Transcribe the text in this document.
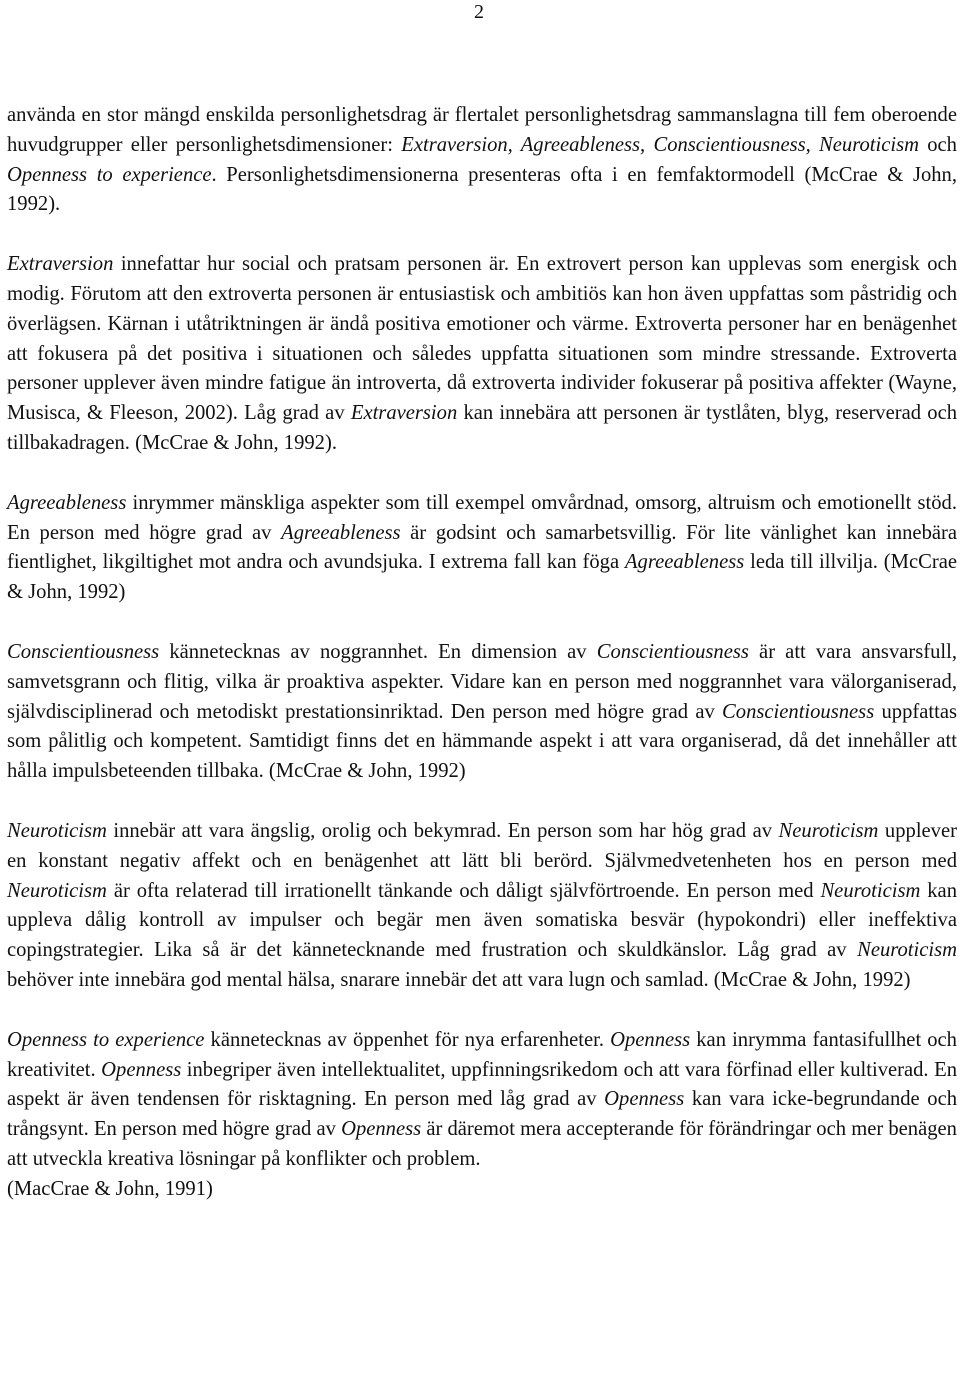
2

använda en stor mängd enskilda personlighetsdrag är flertalet personlighetsdrag sammanslagna till fem oberoende huvudgrupper eller personlighetsdimensioner: Extraversion, Agreeableness, Conscientiousness, Neuroticism och Openness to experience. Personlighetsdimensionerna presenteras ofta i en femfaktormodell (McCrae & John, 1992).

Extraversion innefattar hur social och pratsam personen är. En extrovert person kan upplevas som energisk och modig. Förutom att den extroverta personen är entusiastisk och ambitiös kan hon även uppfattas som påstridig och överlägsen. Kärnan i utåtriktningen är ändå positiva emotioner och värme. Extroverta personer har en benägenhet att fokusera på det positiva i situationen och således uppfatta situationen som mindre stressande. Extroverta personer upplever även mindre fatigue än introverta, då extroverta individer fokuserar på positiva affekter (Wayne, Musisca, & Fleeson, 2002). Låg grad av Extraversion kan innebära att personen är tystlåten, blyg, reserverad och tillbakadragen. (McCrae & John, 1992).

Agreeableness inrymmer mänskliga aspekter som till exempel omvårdnad, omsorg, altruism och emotionellt stöd. En person med högre grad av Agreeableness är godsint och samarbetsvillig. För lite vänlighet kan innebära fientlighet, likgiltighet mot andra och avundsjuka. I extrema fall kan föga Agreeableness leda till illvilja. (McCrae & John, 1992)

Conscientiousness kännetecknas av noggrannhet. En dimension av Conscientiousness är att vara ansvarsfull, samvetsgrann och flitig, vilka är proaktiva aspekter. Vidare kan en person med noggrannhet vara välorganiserad, självdisciplinerad och metodiskt prestationsinriktad. Den person med högre grad av Conscientiousness uppfattas som pålitlig och kompetent. Samtidigt finns det en hämmande aspekt i att vara organiserad, då det innehåller att hålla impulsbeteenden tillbaka. (McCrae & John, 1992)

Neuroticism innebär att vara ängslig, orolig och bekymrad. En person som har hög grad av Neuroticism upplever en konstant negativ affekt och en benägenhet att lätt bli berörd. Självmedvetenheten hos en person med Neuroticism är ofta relaterad till irrationellt tänkande och dåligt självförtroende. En person med Neuroticism kan uppleva dålig kontroll av impulser och begär men även somatiska besvär (hypokondri) eller ineffektiva copingstrategier. Lika så är det kännetecknande med frustration och skuldkänslor. Låg grad av Neuroticism behöver inte innebära god mental hälsa, snarare innebär det att vara lugn och samlad. (McCrae & John, 1992)

Openness to experience kännetecknas av öppenhet för nya erfarenheter. Openness kan inrymma fantasifullhet och kreativitet. Openness inbegriper även intellektualitet, uppfinningsrikedom och att vara förfinad eller kultiverad. En aspekt är även tendensen för risktagning. En person med låg grad av Openness kan vara icke-begrundande och trångsynt. En person med högre grad av Openness är däremot mera accepterande för förändringar och mer benägen att utveckla kreativa lösningar på konflikter och problem.

(MacCrae & John, 1991)
